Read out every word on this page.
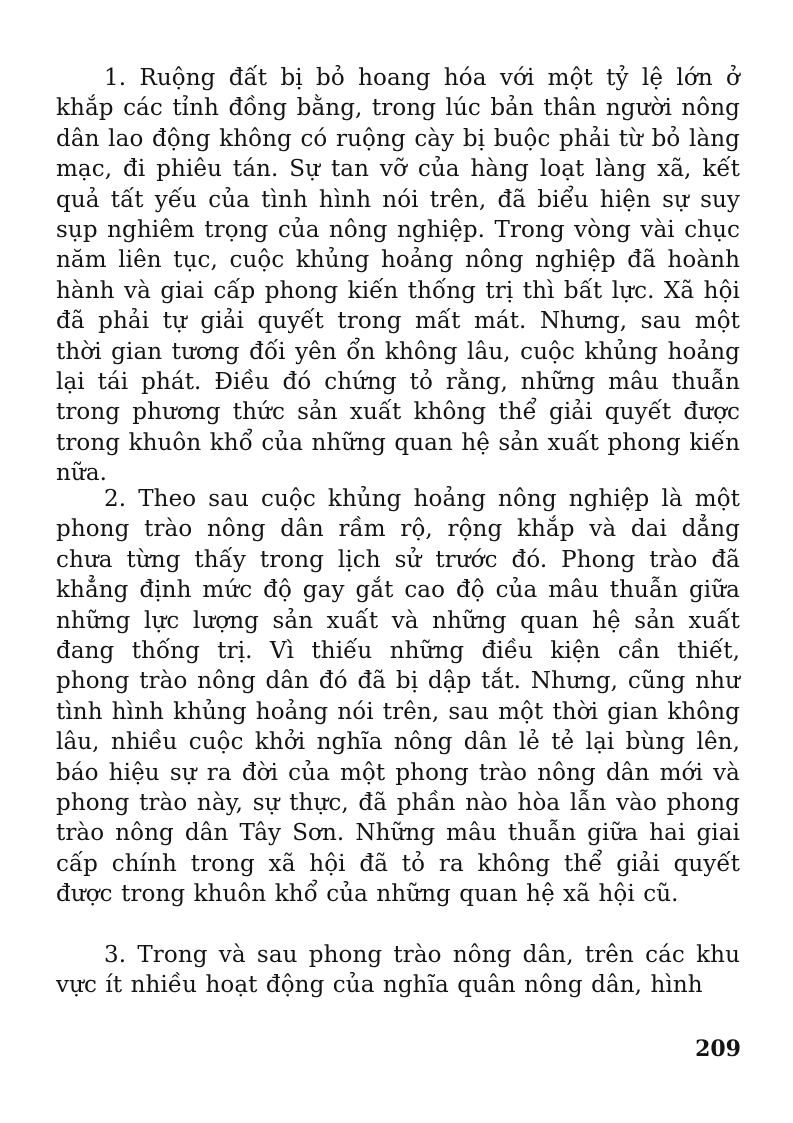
1. Ruộng đất bị bỏ hoang hóa với một tỷ lệ lớn ở khắp các tỉnh đồng bằng, trong lúc bản thân người nông dân lao động không có ruộng cày bị buộc phải từ bỏ làng mạc, đi phiêu tán. Sự tan vỡ của hàng loạt làng xã, kết quả tất yếu của tình hình nói trên, đã biểu hiện sự suy sụp nghiêm trọng của nông nghiệp. Trong vòng vài chục năm liên tục, cuộc khủng hoảng nông nghiệp đã hoành hành và giai cấp phong kiến thống trị thì bất lực. Xã hội đã phải tự giải quyết trong mất mát. Nhưng, sau một thời gian tương đối yên ổn không lâu, cuộc khủng hoảng lại tái phát. Điều đó chứng tỏ rằng, những mâu thuẫn trong phương thức sản xuất không thể giải quyết được trong khuôn khổ của những quan hệ sản xuất phong kiến nữa.

2. Theo sau cuộc khủng hoảng nông nghiệp là một phong trào nông dân rầm rộ, rộng khắp và dai dẳng chưa từng thấy trong lịch sử trước đó. Phong trào đã khẳng định mức độ gay gắt cao độ của mâu thuẫn giữa những lực lượng sản xuất và những quan hệ sản xuất đang thống trị. Vì thiếu những điều kiện cần thiết, phong trào nông dân đó đã bị dập tắt. Nhưng, cũng như tình hình khủng hoảng nói trên, sau một thời gian không lâu, nhiều cuộc khởi nghĩa nông dân lẻ tẻ lại bùng lên, báo hiệu sự ra đời của một phong trào nông dân mới và phong trào này, sự thực, đã phần nào hòa lẫn vào phong trào nông dân Tây Sơn. Những mâu thuẫn giữa hai giai cấp chính trong xã hội đã tỏ ra không thể giải quyết được trong khuôn khổ của những quan hệ xã hội cũ.

3. Trong và sau phong trào nông dân, trên các khu vực ít nhiều hoạt động của nghĩa quân nông dân, hình

209
